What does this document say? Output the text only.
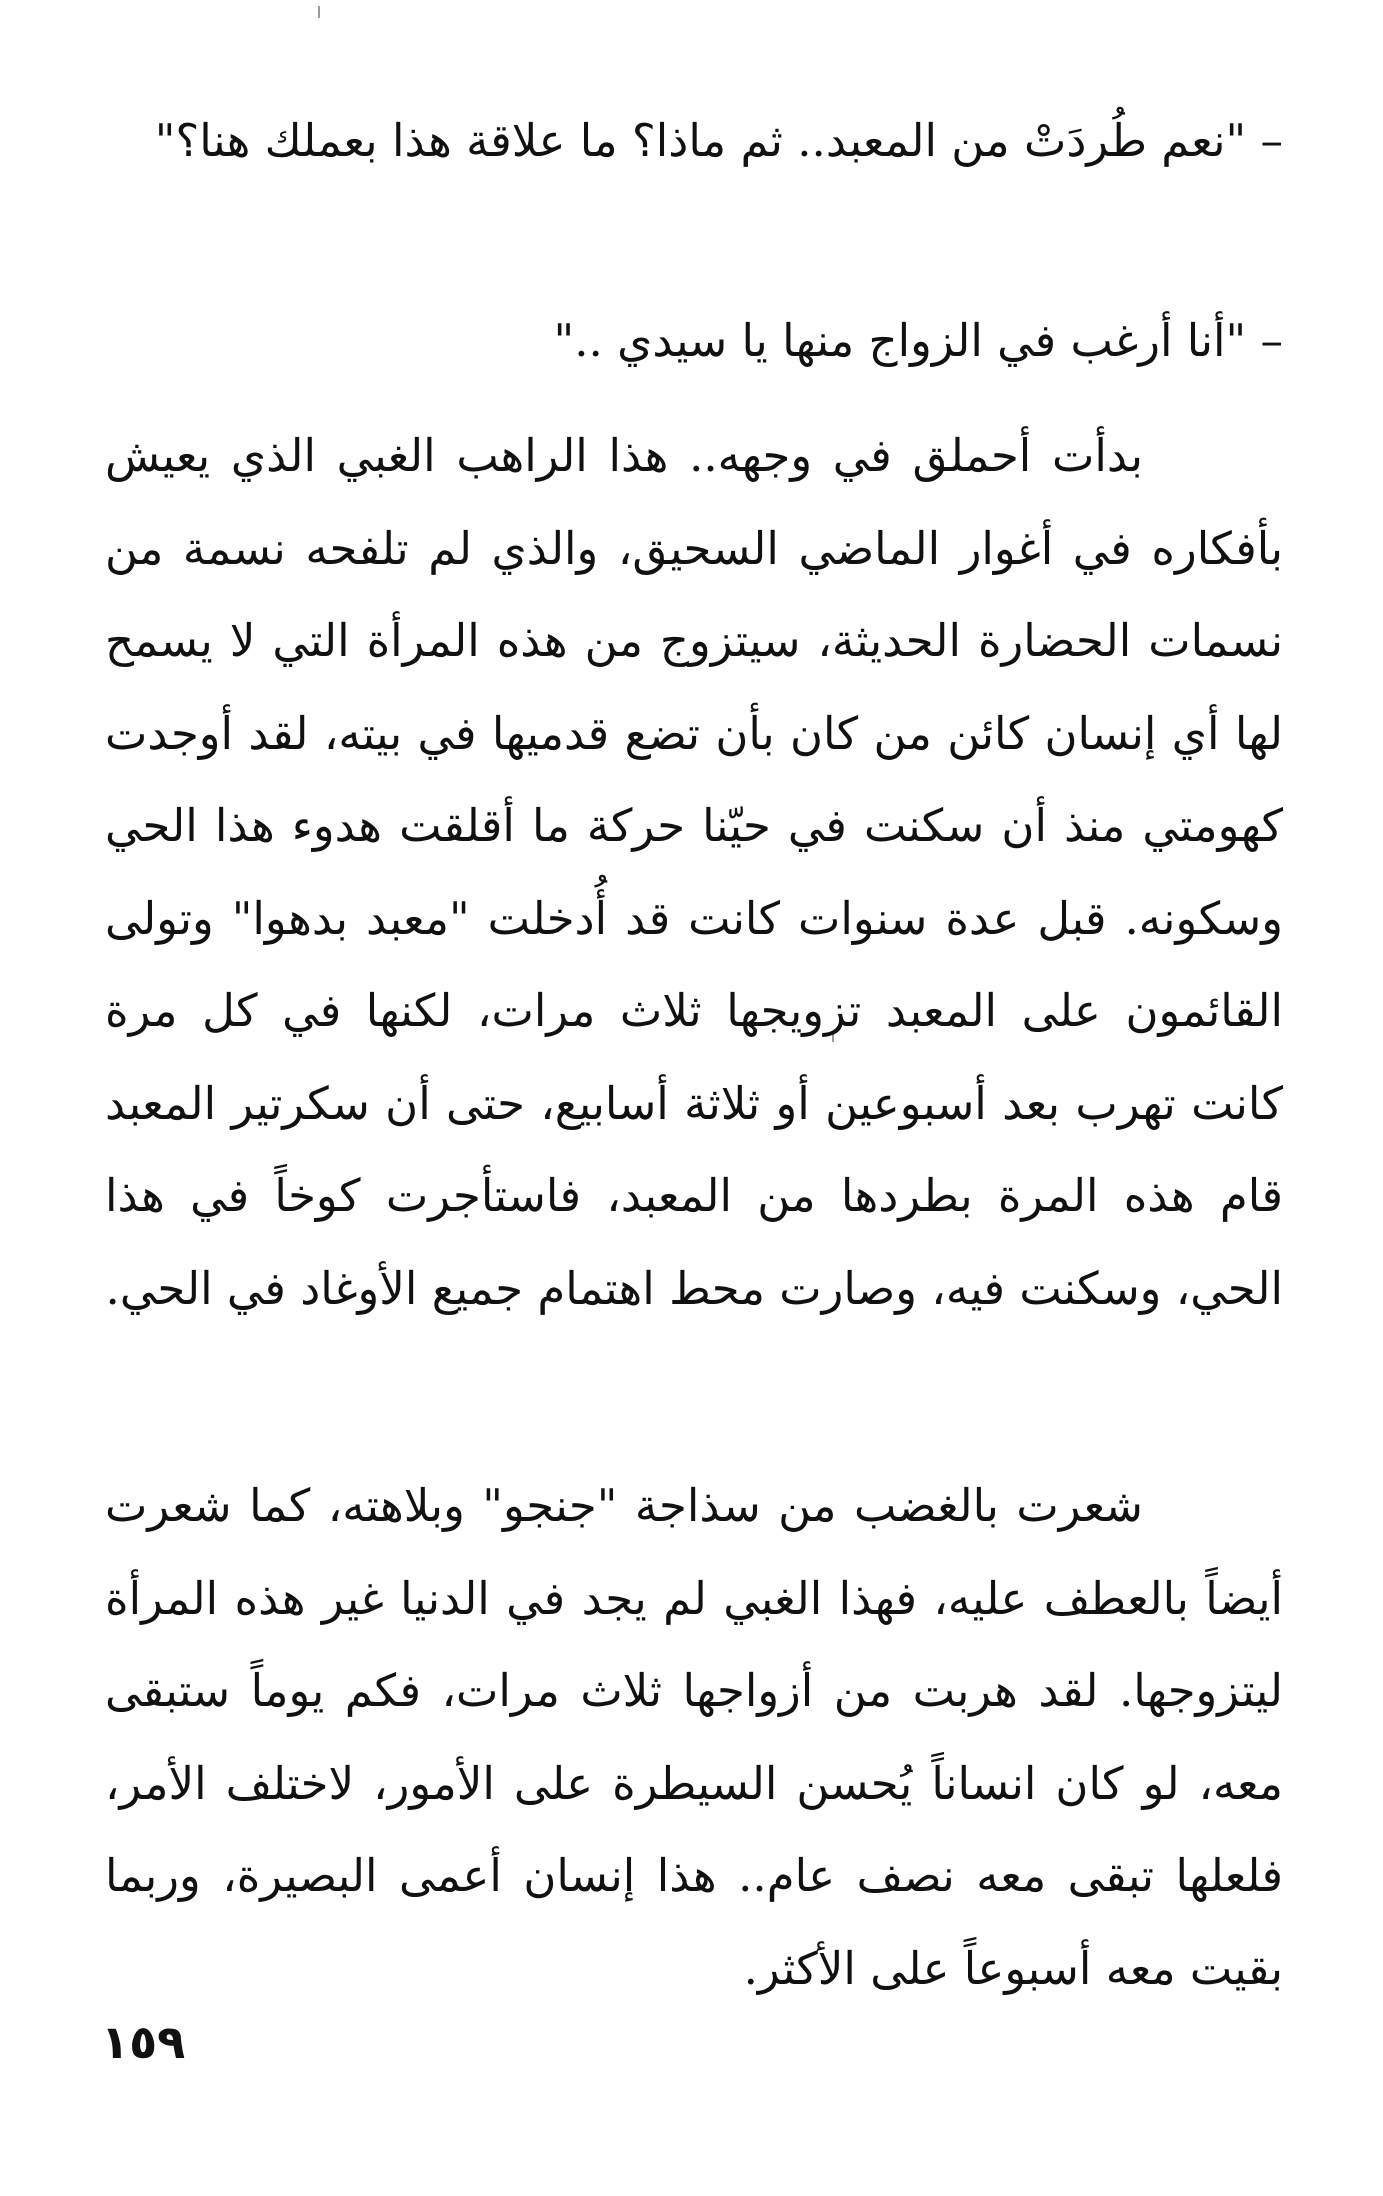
– "نعم طُردَتْ من المعبد.. ثم ماذا؟ ما علاقة هذا بعملك هنا؟"

– "أنا أرغب في الزواج منها يا سيدي .."

بدأت أحملق في وجهه.. هذا الراهب الغبي الذي يعيش بأفكاره في أغوار الماضي السحيق، والذي لم تلفحه نسمة من نسمات الحضارة الحديثة، سيتزوج من هذه المرأة التي لا يسمح لها أي إنسان كائن من كان بأن تضع قدميها في بيته، لقد أوجدت كهومتي منذ أن سكنت في حيّنا حركة ما أقلقت هدوء هذا الحي وسكونه. قبل عدة سنوات كانت قد أُدخلت "معبد بدهوا" وتولى القائمون على المعبد تزويجها ثلاث مرات، لكنها في كل مرة كانت تهرب بعد أسبوعين أو ثلاثة أسابيع، حتى أن سكرتير المعبد قام هذه المرة بطردها من المعبد، فاستأجرت كوخاً في هذا الحي، وسكنت فيه، وصارت محط اهتمام جميع الأوغاد في الحي.

شعرت بالغضب من سذاجة "جنجو" وبلاهته، كما شعرت أيضاً بالعطف عليه، فهذا الغبي لم يجد في الدنيا غير هذه المرأة ليتزوجها. لقد هربت من أزواجها ثلاث مرات، فكم يوماً ستبقى معه، لو كان انساناً يُحسن السيطرة على الأمور، لاختلف الأمر، فلعلها تبقى معه نصف عام.. هذا إنسان أعمى البصيرة، وربما بقيت معه أسبوعاً على الأكثر.

١٥٩
